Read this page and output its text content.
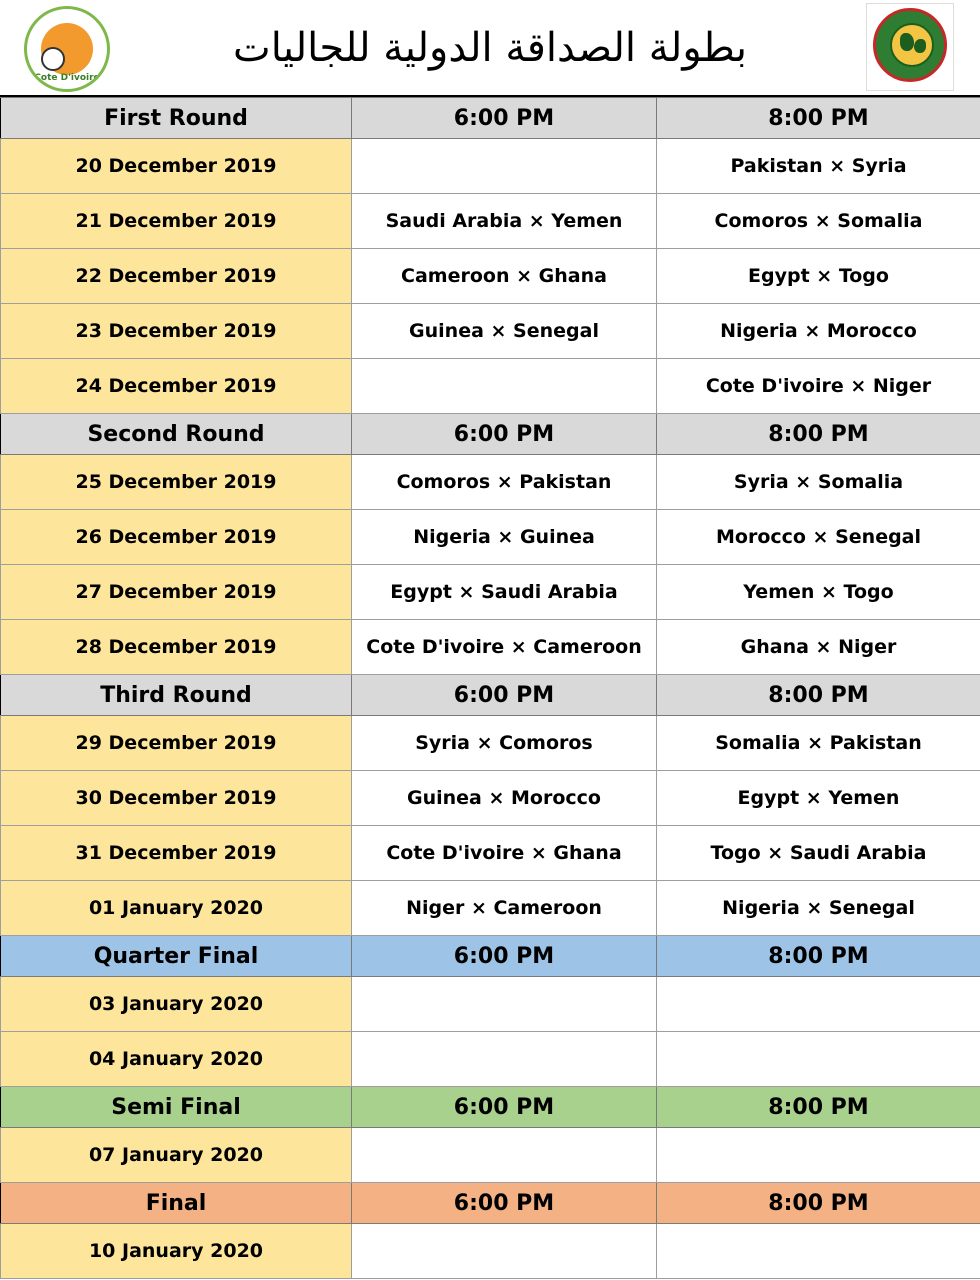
Cote D'ivoire
بطولة الصداقة الدولية للجاليات
First Round	6:00 PM	8:00 PM
20 December 2019		Pakistan × Syria
21 December 2019	Saudi Arabia × Yemen	Comoros × Somalia
22 December 2019	Cameroon × Ghana	Egypt × Togo
23 December 2019	Guinea × Senegal	Nigeria × Morocco
24 December 2019		Cote D'ivoire × Niger
Second Round	6:00 PM	8:00 PM
25 December 2019	Comoros × Pakistan	Syria × Somalia
26 December 2019	Nigeria × Guinea	Morocco × Senegal
27 December 2019	Egypt × Saudi Arabia	Yemen × Togo
28 December 2019	Cote D'ivoire × Cameroon	Ghana × Niger
Third Round	6:00 PM	8:00 PM
29 December 2019	Syria × Comoros	Somalia × Pakistan
30 December 2019	Guinea × Morocco	Egypt × Yemen
31 December 2019	Cote D'ivoire × Ghana	Togo × Saudi Arabia
01 January 2020	Niger × Cameroon	Nigeria × Senegal
Quarter Final	6:00 PM	8:00 PM
03 January 2020		
04 January 2020		
Semi Final	6:00 PM	8:00 PM
07 January 2020		
Final	6:00 PM	8:00 PM
10 January 2020		
